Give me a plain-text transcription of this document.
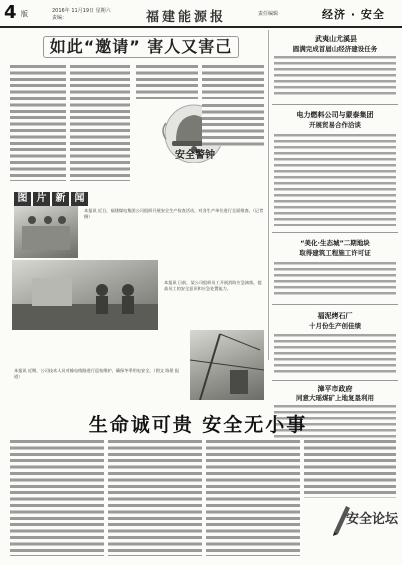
4 版	2016年 11月19日 星期六
责编：	福建能源报	责任编辑	经济 · 安全
如此“邀请” 害人又害己
安全警钟
武夷山尤溪县
圆满完成首届山经济建设任务
电力燃料公司与蒙泰集团
开展贸易合作洽谈
“美化·生态城”二期地块
取得建筑工程施工许可证
福泥烤石厂
十月份生产创佳绩
漳平市政府
同意大瑶煤矿上地复垦利用
图 片 新 闻
本报讯 近日，福建煤电集团公司组织开展安全生产检查活动，对各生产单位进行全面排查。（记者 摄）
本报讯 日前，某公司组织员工开展消防应急演练，提高员工的安全意识和应急处置能力。
本报讯 近期，公司技术人员对输电线路进行巡检维护，确保冬季用电安全。（图文 陈景 报道）
生命诚可贵 安全无小事
安全论坛
